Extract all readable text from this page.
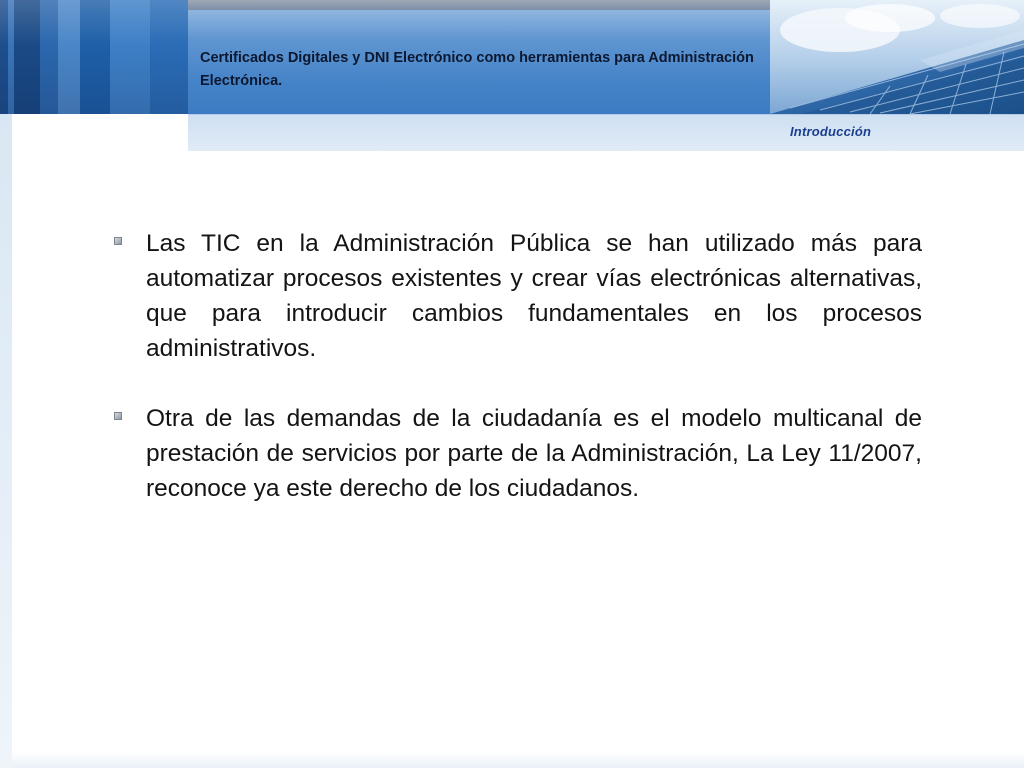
Certificados Digitales y DNI Electrónico como herramientas para Administración Electrónica.
Introducción
Las TIC en la Administración Pública se han utilizado más para automatizar procesos existentes y crear vías electrónicas alternativas, que para introducir cambios fundamentales en los procesos administrativos.
Otra de las demandas de la ciudadanía es el modelo multicanal de prestación de servicios por parte de la Administración, La Ley 11/2007, reconoce ya este derecho de los ciudadanos.
